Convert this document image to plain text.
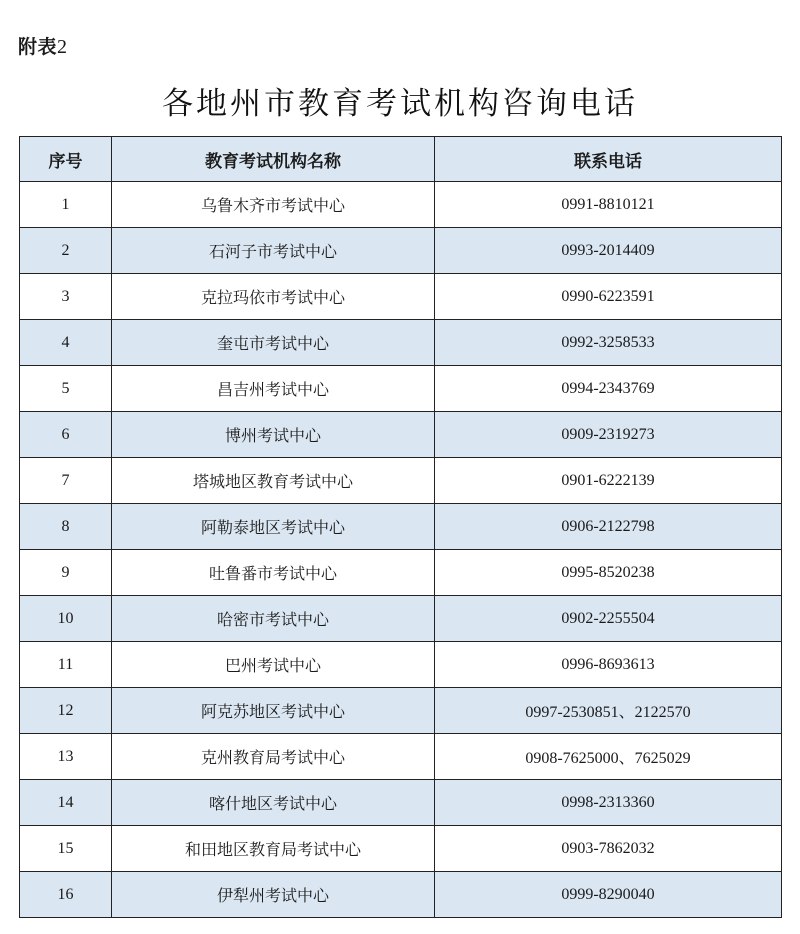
附表2
各地州市教育考试机构咨询电话
序号	教育考试机构名称	联系电话
1	乌鲁木齐市考试中心	0991-8810121
2	石河子市考试中心	0993-2014409
3	克拉玛依市考试中心	0990-6223591
4	奎屯市考试中心	0992-3258533
5	昌吉州考试中心	0994-2343769
6	博州考试中心	0909-2319273
7	塔城地区教育考试中心	0901-6222139
8	阿勒泰地区考试中心	0906-2122798
9	吐鲁番市考试中心	0995-8520238
10	哈密市考试中心	0902-2255504
11	巴州考试中心	0996-8693613
12	阿克苏地区考试中心	0997-2530851、2122570
13	克州教育局考试中心	0908-7625000、7625029
14	喀什地区考试中心	0998-2313360
15	和田地区教育局考试中心	0903-7862032
16	伊犁州考试中心	0999-8290040
